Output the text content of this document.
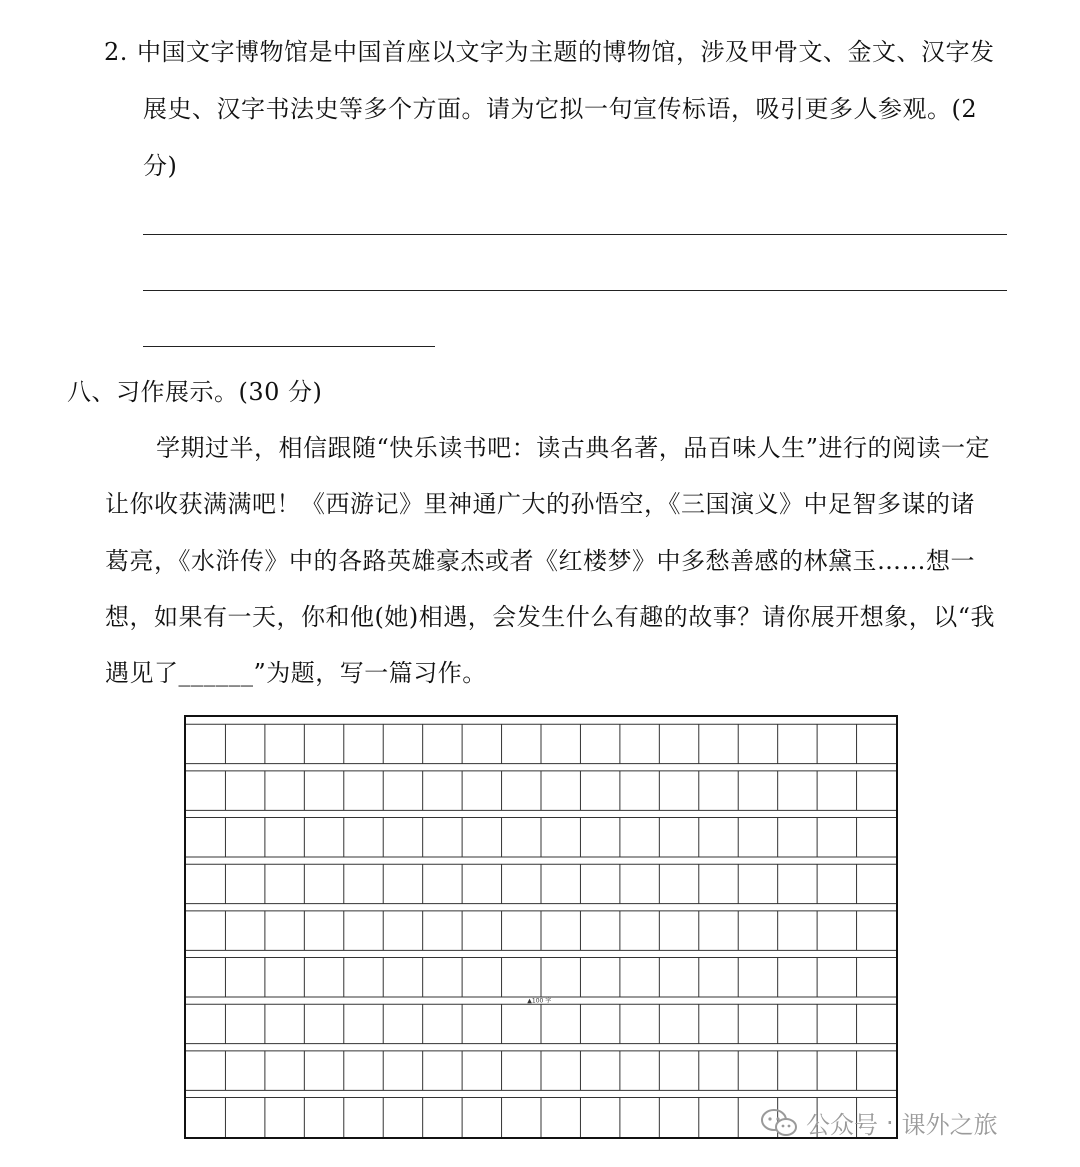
2. 中国文字博物馆是中国首座以文字为主题的博物馆，涉及甲骨文、金文、汉字发
展史、汉字书法史等多个方面。请为它拟一句宣传标语，吸引更多人参观。(2
分)
八、习作展示。(30 分)
学期过半，相信跟随“快乐读书吧：读古典名著，品百味人生”进行的阅读一定
让你收获满满吧！《西游记》里神通广大的孙悟空，《三国演义》中足智多谋的诸
葛亮，《水浒传》中的各路英雄豪杰或者《红楼梦》中多愁善感的林黛玉……想一
想，如果有一天，你和他(她)相遇，会发生什么有趣的故事？请你展开想象，以“我
遇见了______”为题，写一篇习作。
▲100 字
公众号 · 课外之旅
